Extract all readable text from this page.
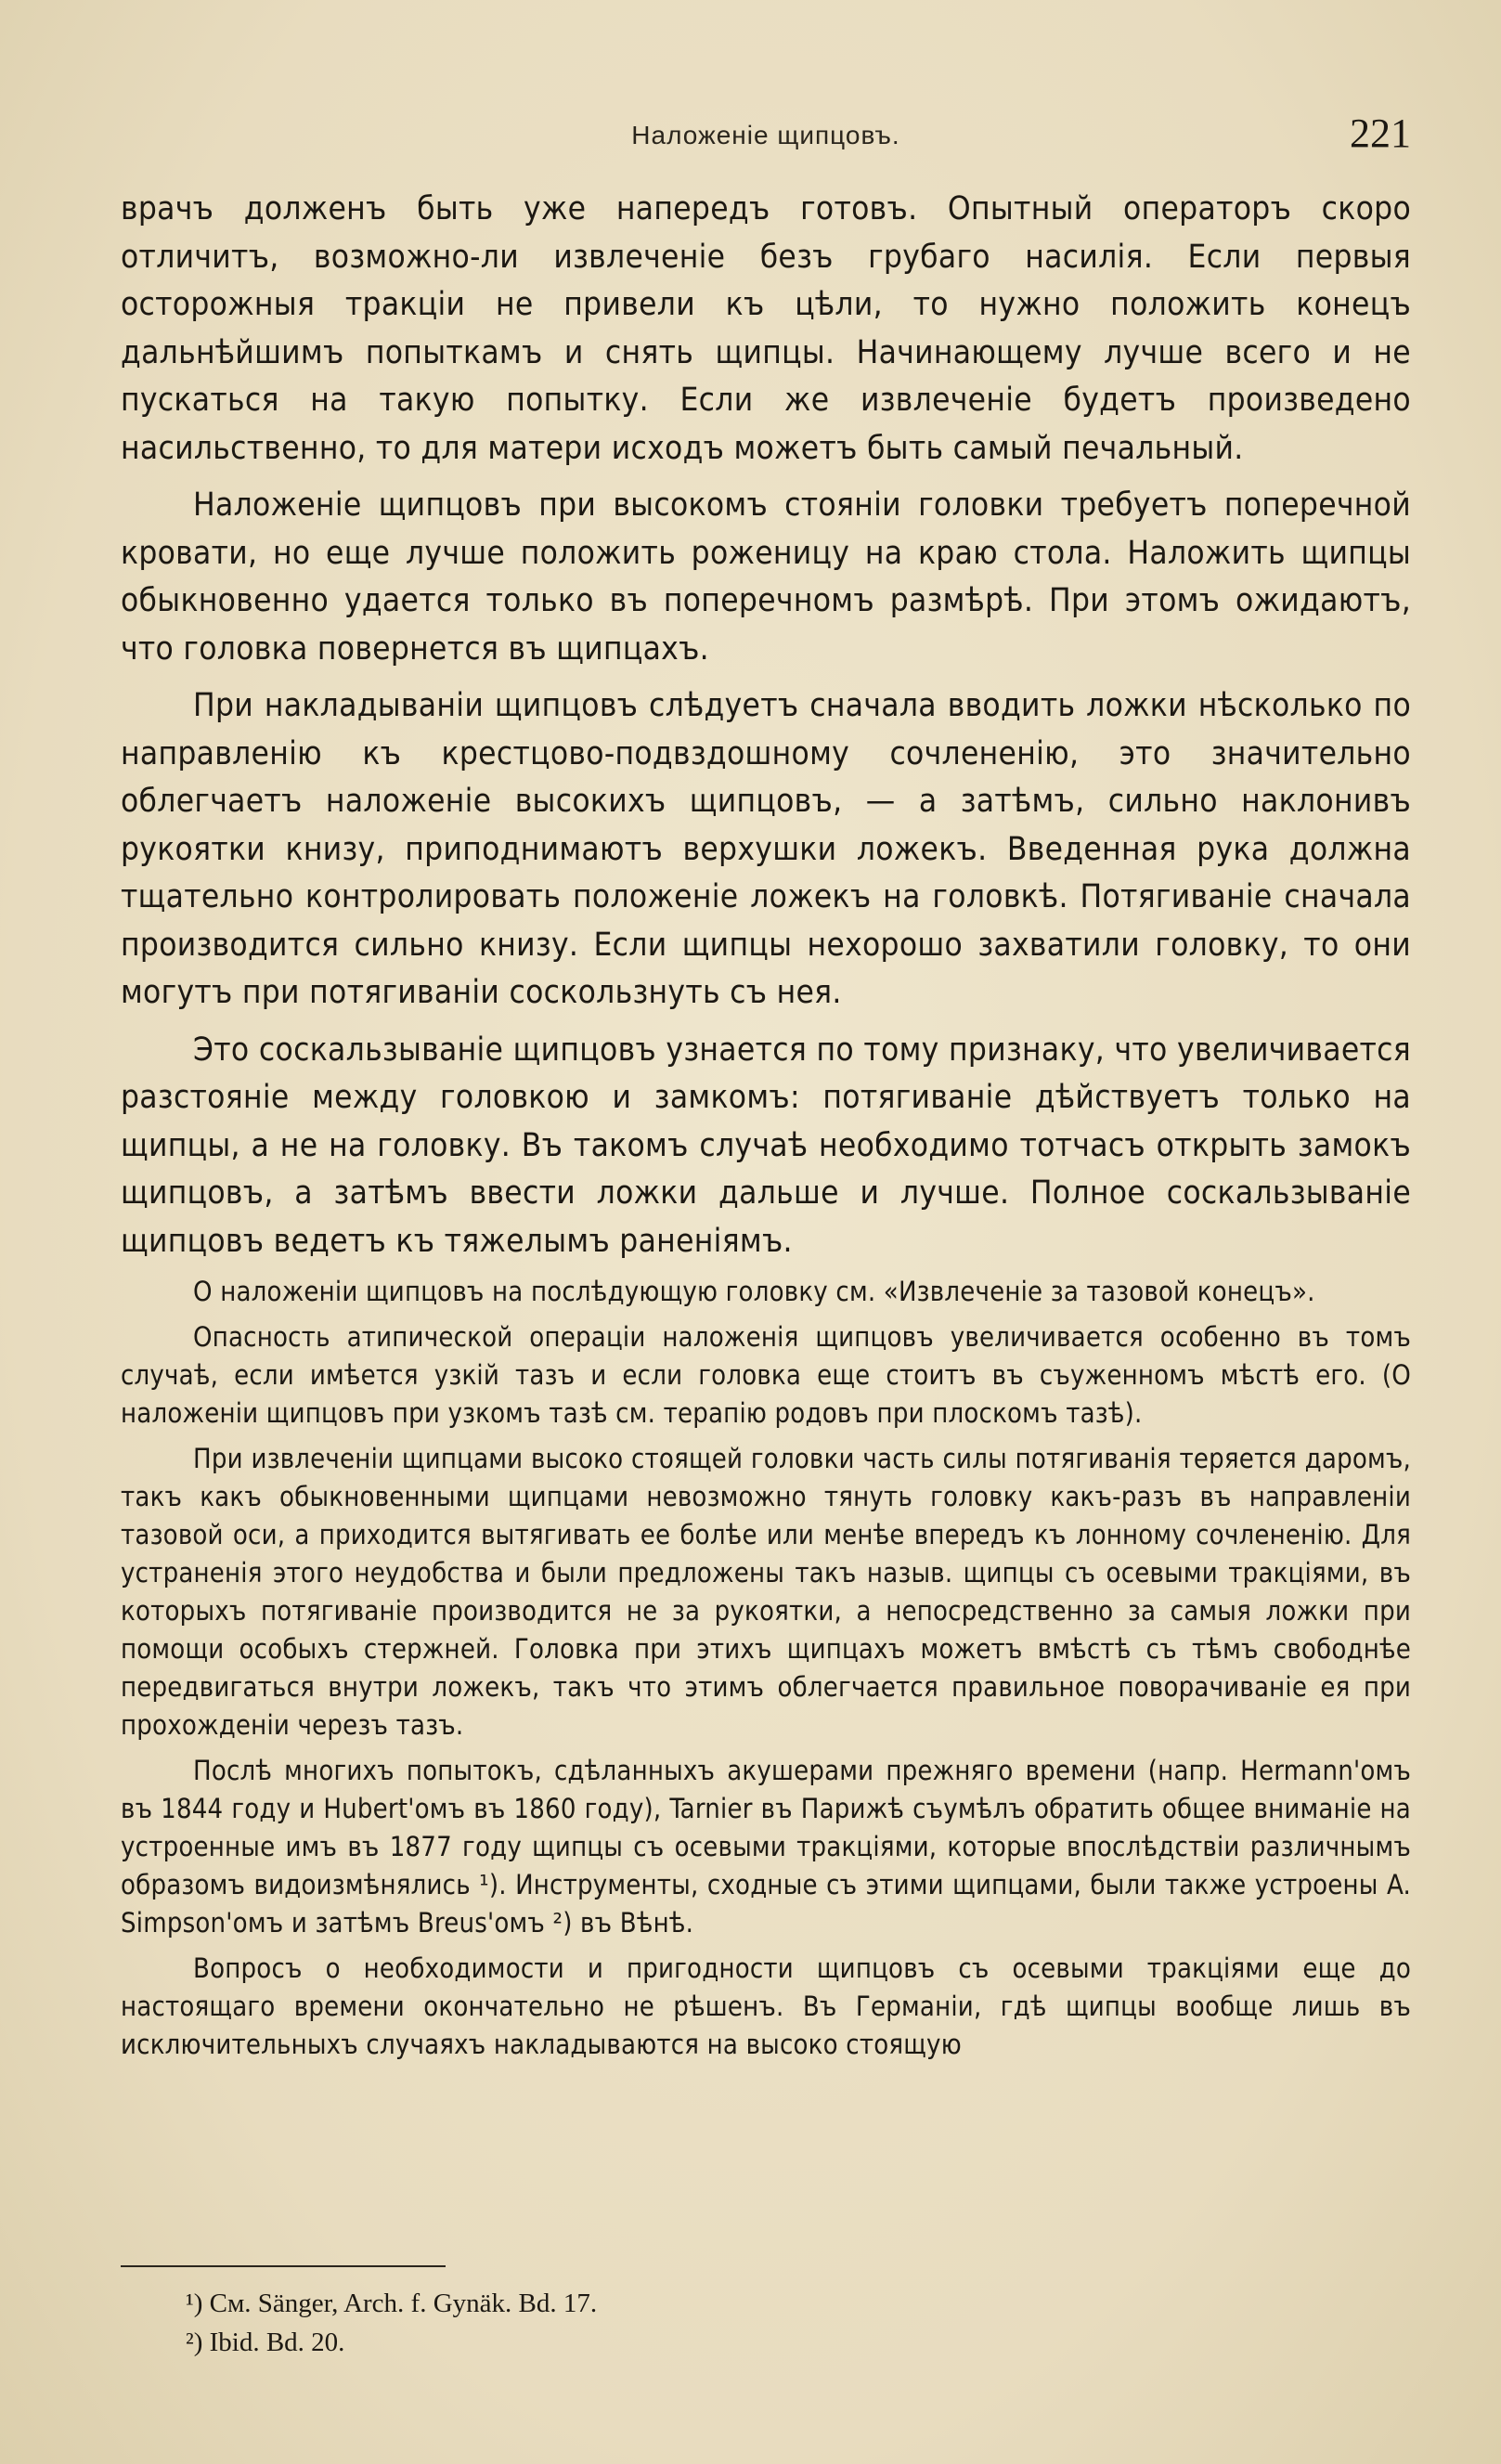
Наложеніе щипцовъ.	221

врачъ долженъ быть уже напередъ готовъ. Опытный операторъ скоро отличитъ, возможно-ли извлеченіе безъ грубаго насилія. Если первыя осторожныя тракціи не привели къ цѣли, то нужно положить конецъ дальнѣйшимъ попыткамъ и снять щипцы. Начинающему лучше всего и не пускаться на такую попытку. Если же извлеченіе будетъ произведено насильственно, то для матери исходъ можетъ быть самый печальный.

Наложеніе щипцовъ при высокомъ стояніи головки требуетъ поперечной кровати, но еще лучше положить роженицу на краю стола. Наложить щипцы обыкновенно удается только въ поперечномъ размѣрѣ. При этомъ ожидаютъ, что головка повернется въ щипцахъ.

При накладываніи щипцовъ слѣдуетъ сначала вводить ложки нѣсколько по направленію къ крестцово-подвздошному сочлененію, это значительно облегчаетъ наложеніе высокихъ щипцовъ, — а затѣмъ, сильно наклонивъ рукоятки книзу, приподнимаютъ верхушки ложекъ. Введенная рука должна тщательно контролировать положеніе ложекъ на головкѣ. Потягиваніе сначала производится сильно книзу. Если щипцы нехорошо захватили головку, то они могутъ при потягиваніи соскользнуть съ нея.

Это соскальзываніе щипцовъ узнается по тому признаку, что увеличивается разстояніе между головкою и замкомъ: потягиваніе дѣйствуетъ только на щипцы, а не на головку. Въ такомъ случаѣ необходимо тотчасъ открыть замокъ щипцовъ, а затѣмъ ввести ложки дальше и лучше. Полное соскальзываніе щипцовъ ведетъ къ тяжелымъ раненіямъ.

О наложеніи щипцовъ на послѣдующую головку см. «Извлеченіе за тазовой конецъ».

Опасность атипической операціи наложенія щипцовъ увеличивается особенно въ томъ случаѣ, если имѣется узкій тазъ и если головка еще стоитъ въ съуженномъ мѣстѣ его. (О наложеніи щипцовъ при узкомъ тазѣ см. терапію родовъ при плоскомъ тазѣ).

При извлеченіи щипцами высоко стоящей головки часть силы потягиванія теряется даромъ, такъ какъ обыкновенными щипцами невозможно тянуть головку какъ-разъ въ направленіи тазовой оси, а приходится вытягивать ее болѣе или менѣе впередъ къ лонному сочлененію. Для устраненія этого неудобства и были предложены такъ назыв. щипцы съ осевыми тракціями, въ которыхъ потягиваніе производится не за рукоятки, а непосредственно за самыя ложки при помощи особыхъ стержней. Головка при этихъ щипцахъ можетъ вмѣстѣ съ тѣмъ свободнѣе передвигаться внутри ложекъ, такъ что этимъ облегчается правильное поворачиваніе ея при прохожденіи черезъ тазъ.

Послѣ многихъ попытокъ, сдѣланныхъ акушерами прежняго времени (напр. Hermann'омъ въ 1844 году и Hubert'омъ въ 1860 году), Tarnier въ Парижѣ съумѣлъ обратить общее вниманіе на устроенные имъ въ 1877 году щипцы съ осевыми тракціями, которые впослѣдствіи различнымъ образомъ видоизмѣнялись ¹). Инструменты, сходные съ этими щипцами, были также устроены A. Simpson'омъ и затѣмъ Breus'омъ ²) въ Вѣнѣ.

Вопросъ о необходимости и пригодности щипцовъ съ осевыми тракціями еще до настоящаго времени окончательно не рѣшенъ. Въ Германіи, гдѣ щипцы вообще лишь въ исключительныхъ случаяхъ накладываются на высоко стоящую

¹) См. Sänger, Arch. f. Gynäk. Bd. 17.
²) Ibid. Bd. 20.
